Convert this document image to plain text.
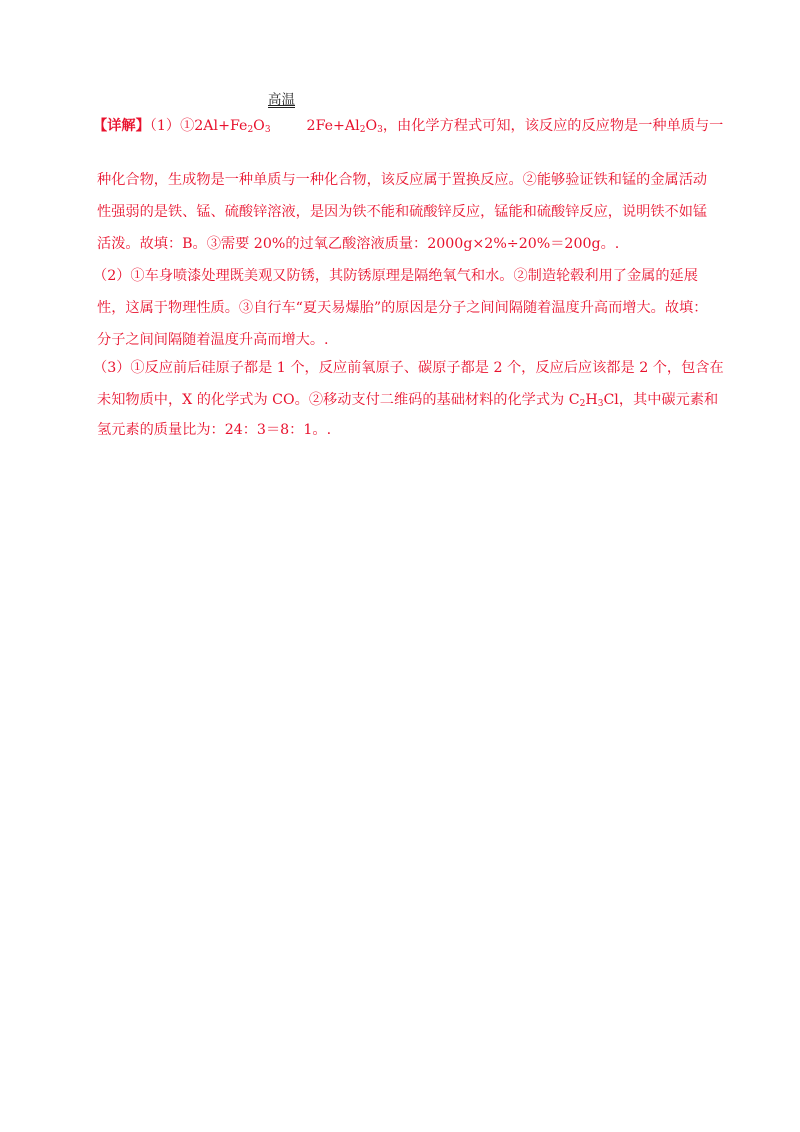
高温
【详解】$(1)①2Al+Fe_2O_3$	$2Fe+Al_2O_3$，由化学方程式可知，该反应的反应物是一种单质与一
种化合物，生成物是一种单质与一种化合物，该反应属于置换反应。②能够验证铁和锰的金属活动
性强弱的是铁、锰、硫酸锌溶液，是因为铁不能和硫酸锌反应，锰能和硫酸锌反应，说明铁不如锰
活泼。故填：B。③需要 20%的过氧乙酸溶液质量：2000g×2%÷20%＝200g。.
（2）①车身喷漆处理既美观又防锈，其防锈原理是隔绝氧气和水。②制造轮毂利用了金属的延展
性，这属于物理性质。③自行车“夏天易爆胎”的原因是分子之间间隔随着温度升高而增大。故填：
分子之间间隔随着温度升高而增大。.
（3）①反应前后硅原子都是 1 个，反应前氧原子、碳原子都是 2 个，反应后应该都是 2 个，包含在
未知物质中，X 的化学式为 CO。②移动支付二维码的基础材料的化学式为 $C_2H_3Cl$，其中碳元素和
氢元素的质量比为：24：3＝8：1。.
